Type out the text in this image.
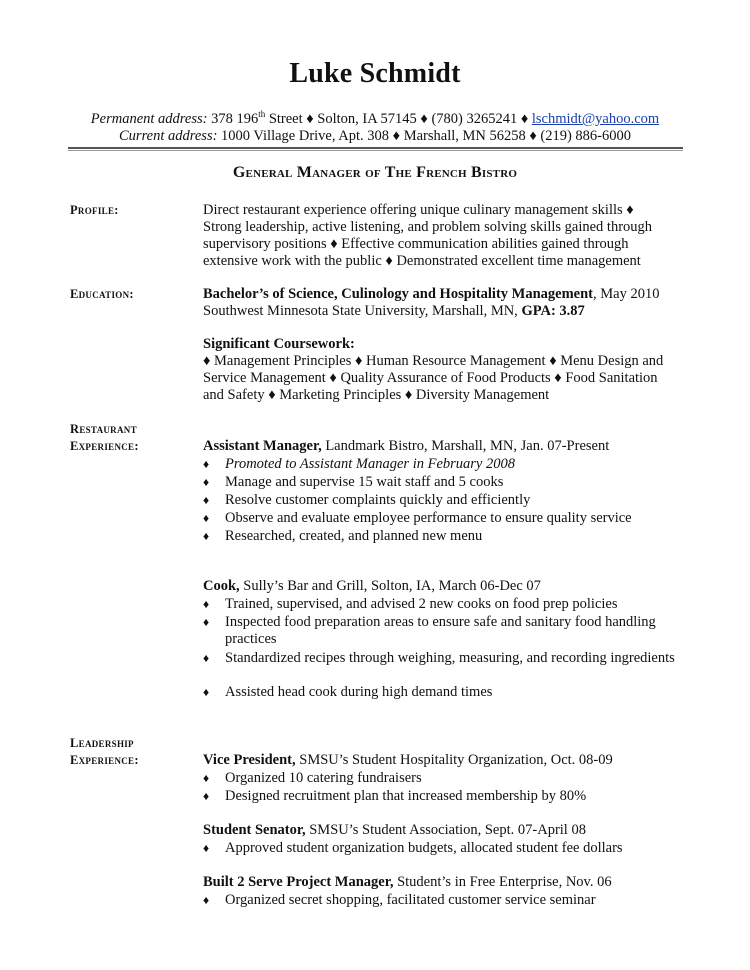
Luke Schmidt
Permanent address: 378 196th Street ♦ Solton, IA 57145 ♦ (780) 3265241 ♦ lschmidt@yahoo.com
Current address: 1000 Village Drive, Apt. 308 ♦ Marshall, MN 56258 ♦ (219) 886-6000
General Manager of The French Bistro
Profile:	Direct restaurant experience offering unique culinary management skills ♦
Strong leadership, active listening, and problem solving skills gained through
supervisory positions ♦ Effective communication abilities gained through
extensive work with the public ♦ Demonstrated excellent time management
Education:	Bachelor’s of Science, Culinology and Hospitality Management, May 2010
Southwest Minnesota State University, Marshall, MN, GPA: 3.87
Significant Coursework:
♦ Management Principles ♦ Human Resource Management ♦ Menu Design and
Service Management ♦ Quality Assurance of Food Products ♦ Food Sanitation
and Safety ♦ Marketing Principles ♦ Diversity Management
Restaurant
Experience:	Assistant Manager, Landmark Bistro, Marshall, MN, Jan. 07-Present
♦	Promoted to Assistant Manager in February 2008
♦	Manage and supervise 15 wait staff and 5 cooks
♦	Resolve customer complaints quickly and efficiently
♦	Observe and evaluate employee performance to ensure quality service
♦	Researched, created, and planned new menu
Cook, Sully’s Bar and Grill, Solton, IA, March 06-Dec 07
♦	Trained, supervised, and advised 2 new cooks on food prep policies
♦	Inspected food preparation areas to ensure safe and sanitary food handling practices
♦	Standardized recipes through weighing, measuring, and recording ingredients
♦	Assisted head cook during high demand times
Leadership
Experience:	Vice President, SMSU’s Student Hospitality Organization, Oct. 08-09
♦	Organized 10 catering fundraisers
♦	Designed recruitment plan that increased membership by 80%
Student Senator, SMSU’s Student Association, Sept. 07-April 08
♦	Approved student organization budgets, allocated student fee dollars
Built 2 Serve Project Manager, Student’s in Free Enterprise, Nov. 06
♦	Organized secret shopping, facilitated customer service seminar
